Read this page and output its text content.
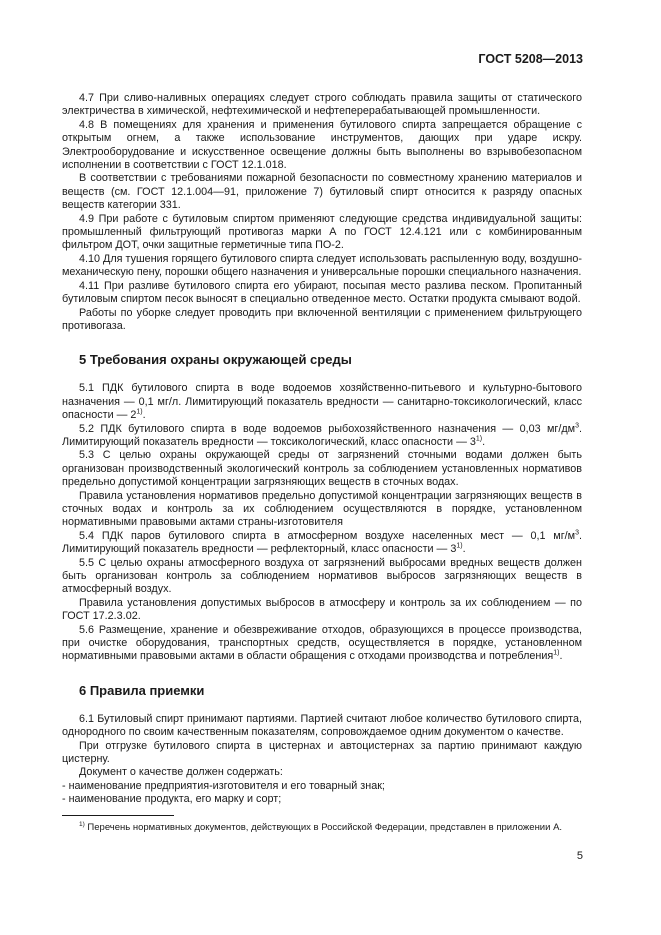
ГОСТ 5208—2013

4.7 При сливо-наливных операциях следует строго соблюдать правила защиты от статического электричества в химической, нефтехимической и нефтеперерабатывающей промышленности.

4.8 В помещениях для хранения и применения бутилового спирта запрещается обращение с открытым огнем, а также использование инструментов, дающих при ударе искру. Электрооборудование и искусственное освещение должны быть выполнены во взрывобезопасном исполнении в соответствии с ГОСТ 12.1.018.

В соответствии с требованиями пожарной безопасности по совместному хранению материалов и веществ (см. ГОСТ 12.1.004—91, приложение 7) бутиловый спирт относится к разряду опасных веществ категории 331.

4.9 При работе с бутиловым спиртом применяют следующие средства индивидуальной защиты: промышленный фильтрующий противогаз марки А по ГОСТ 12.4.121 или с комбинированным фильтром ДОТ, очки защитные герметичные типа ПО-2.

4.10 Для тушения горящего бутилового спирта следует использовать распыленную воду, воздушно-механическую пену, порошки общего назначения и универсальные порошки специального назначения.

4.11 При разливе бутилового спирта его убирают, посыпая место разлива песком. Пропитанный бутиловым спиртом песок выносят в специально отведенное место. Остатки продукта смывают водой.

Работы по уборке следует проводить при включенной вентиляции с применением фильтрующего противогаза.

5 Требования охраны окружающей среды

5.1 ПДК бутилового спирта в воде водоемов хозяйственно-питьевого и культурно-бытового назначения — 0,1 мг/л. Лимитирующий показатель вредности — санитарно-токсикологический, класс опасности — 2$^{1)}$.

5.2 ПДК бутилового спирта в воде водоемов рыбохозяйственного назначения — 0,03 $мг/дм^3$. Лимитирующий показатель вредности — токсикологический, класс опасности — 3$^{1)}$.

5.3 С целью охраны окружающей среды от загрязнений сточными водами должен быть организован производственный экологический контроль за соблюдением установленных нормативов предельно допустимой концентрации загрязняющих веществ в сточных водах.

Правила установления нормативов предельно допустимой концентрации загрязняющих веществ в сточных водах и контроль за их соблюдением осуществляются в порядке, установленном нормативными правовыми актами страны-изготовителя

5.4 ПДК паров бутилового спирта в атмосферном воздухе населенных мест — 0,1 $мг/м^3$. Лимитирующий показатель вредности — рефлекторный, класс опасности — 3$^{1)}$.

5.5 С целью охраны атмосферного воздуха от загрязнений выбросами вредных веществ должен быть организован контроль за соблюдением нормативов выбросов загрязняющих веществ в атмосферный воздух.

Правила установления допустимых выбросов в атмосферу и контроль за их соблюдением — по ГОСТ 17.2.3.02.

5.6 Размещение, хранение и обезвреживание отходов, образующихся в процессе производства, при очистке оборудования, транспортных средств, осуществляется в порядке, установленном нормативными правовыми актами в области обращения с отходами производства и потребления$^{1)}$.

6 Правила приемки

6.1 Бутиловый спирт принимают партиями. Партией считают любое количество бутилового спирта, однородного по своим качественным показателям, сопровождаемое одним документом о качестве.

При отгрузке бутилового спирта в цистернах и автоцистернах за партию принимают каждую цистерну.

Документ о качестве должен содержать:

- наименование предприятия-изготовителя и его товарный знак;

- наименование продукта, его марку и сорт;

$^{1)}$ Перечень нормативных документов, действующих в Российской Федерации, представлен в приложении А.
5
